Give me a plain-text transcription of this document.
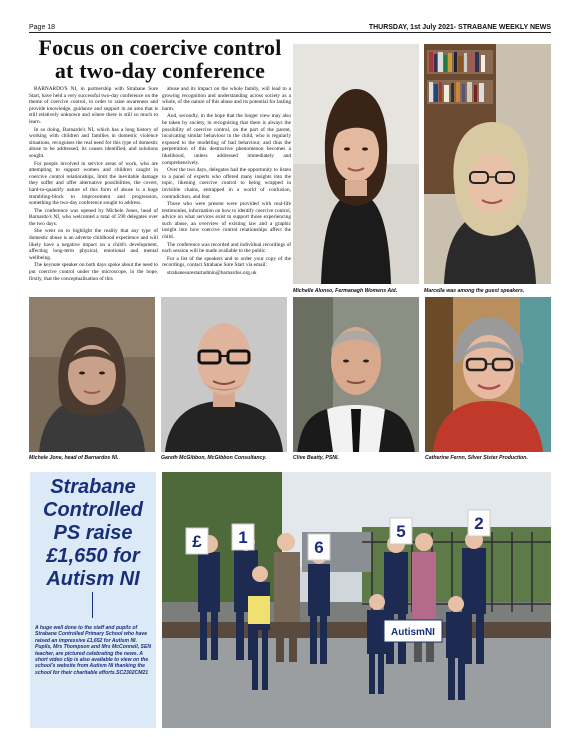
Page 18	THURSDAY, 1st July 2021- STRABANE WEEKLY NEWS
Focus on coercive control at two-day conference

BARNARDO'S NI, in partnership with Strabane Sure Start, have held a very successful two-day conference on the theme of coercive control, in order to raise awareness and provide knowledge, guidance and support in an area that is still relatively unknown and where there is still so much to learn.

In so doing, Barnardo's NI, which has a long history of working with children and families in domestic violence situations, recognises the real need for this type of domestic abuse to be addressed, its causes identified, and solutions sought.

For people involved in service areas of work, who are attempting to support women and children caught in coercive control relationships, limit the inevitable damage they suffer and offer alternative possibilities, the covert, hard-to-quantify nature of this form of abuse is a huge stumbling-block to improvement and progression, something the two-day conference sought to address.

The conference was opened by Michele Jones, head of Barnardo's NI, who welcomed a total of 590 delegates over the two days.

She went on to highlight the reality that any type of domestic abuse is an adverse childhood experience and will likely have a negative impact on a child's development, affecting long-term physical, emotional and mental wellbeing.

The keynote speaker on both days spoke about the need to put coercive control under the microscope, in the hope, firstly, that the conceptualisation of this

abuse and its impact on the whole family, will lead to a growing recognition and understanding across society as a whole, of the nature of this abuse and its potential for lasting harm.

And, secondly, in the hope that the longer view may also be taken by society, in recognising that there is always the possibility of coercive control, on the part of the parent, inculcating similar behaviour in the child, who is regularly exposed to the modelling of bad behaviour, and thus the perpetration of this destructive phenomenon becomes a likelihood, unless addressed immediately and comprehensively.

Over the two days, delegates had the opportunity to listen to a panel of experts who offered many insights into the topic, likening coercive control to being wrapped in invisible chains, entrapped in a world of confusion, contradiction, and fear.

Those who were present were provided with real-life testimonies, information on how to identify coercive control, advice on what services exist to support those experiencing such abuse, an overview of existing law and a graphic insight into how coercive control relationships affect the child.

The conference was recorded and individual recordings of each session will be made available to the public.

For a list of the speakers and to order your copy of the recordings, contact Strabane Sure Start via email:

strabanesurestartadmin@barnardos.org.uk

Michelle Alonso, Fermanagh Womens Aid.	Marcella was among the guest speakers.
Michele Jone, head of Barnardos NI.	Gareth McGibbon, McGibbon Consultancy.	Clive Beatty, PSNI.	Catherine Fernn, Silver Sister Production.
Strabane Controlled PS raise £1,650 for Autism NI
A huge well done to the staff and pupils of Strabane Controlled Primary School who have raised an impressive £1,652 for Autism NI. Pupils, Mrs Thompson and Mrs McConnell, SEN teacher, are pictured celebrating the news. A short video clip is also available to view on the school's website from Autism NI thanking the school for their charitable efforts.SC2302CM21
£ 1
6
5	2
AutismNI
